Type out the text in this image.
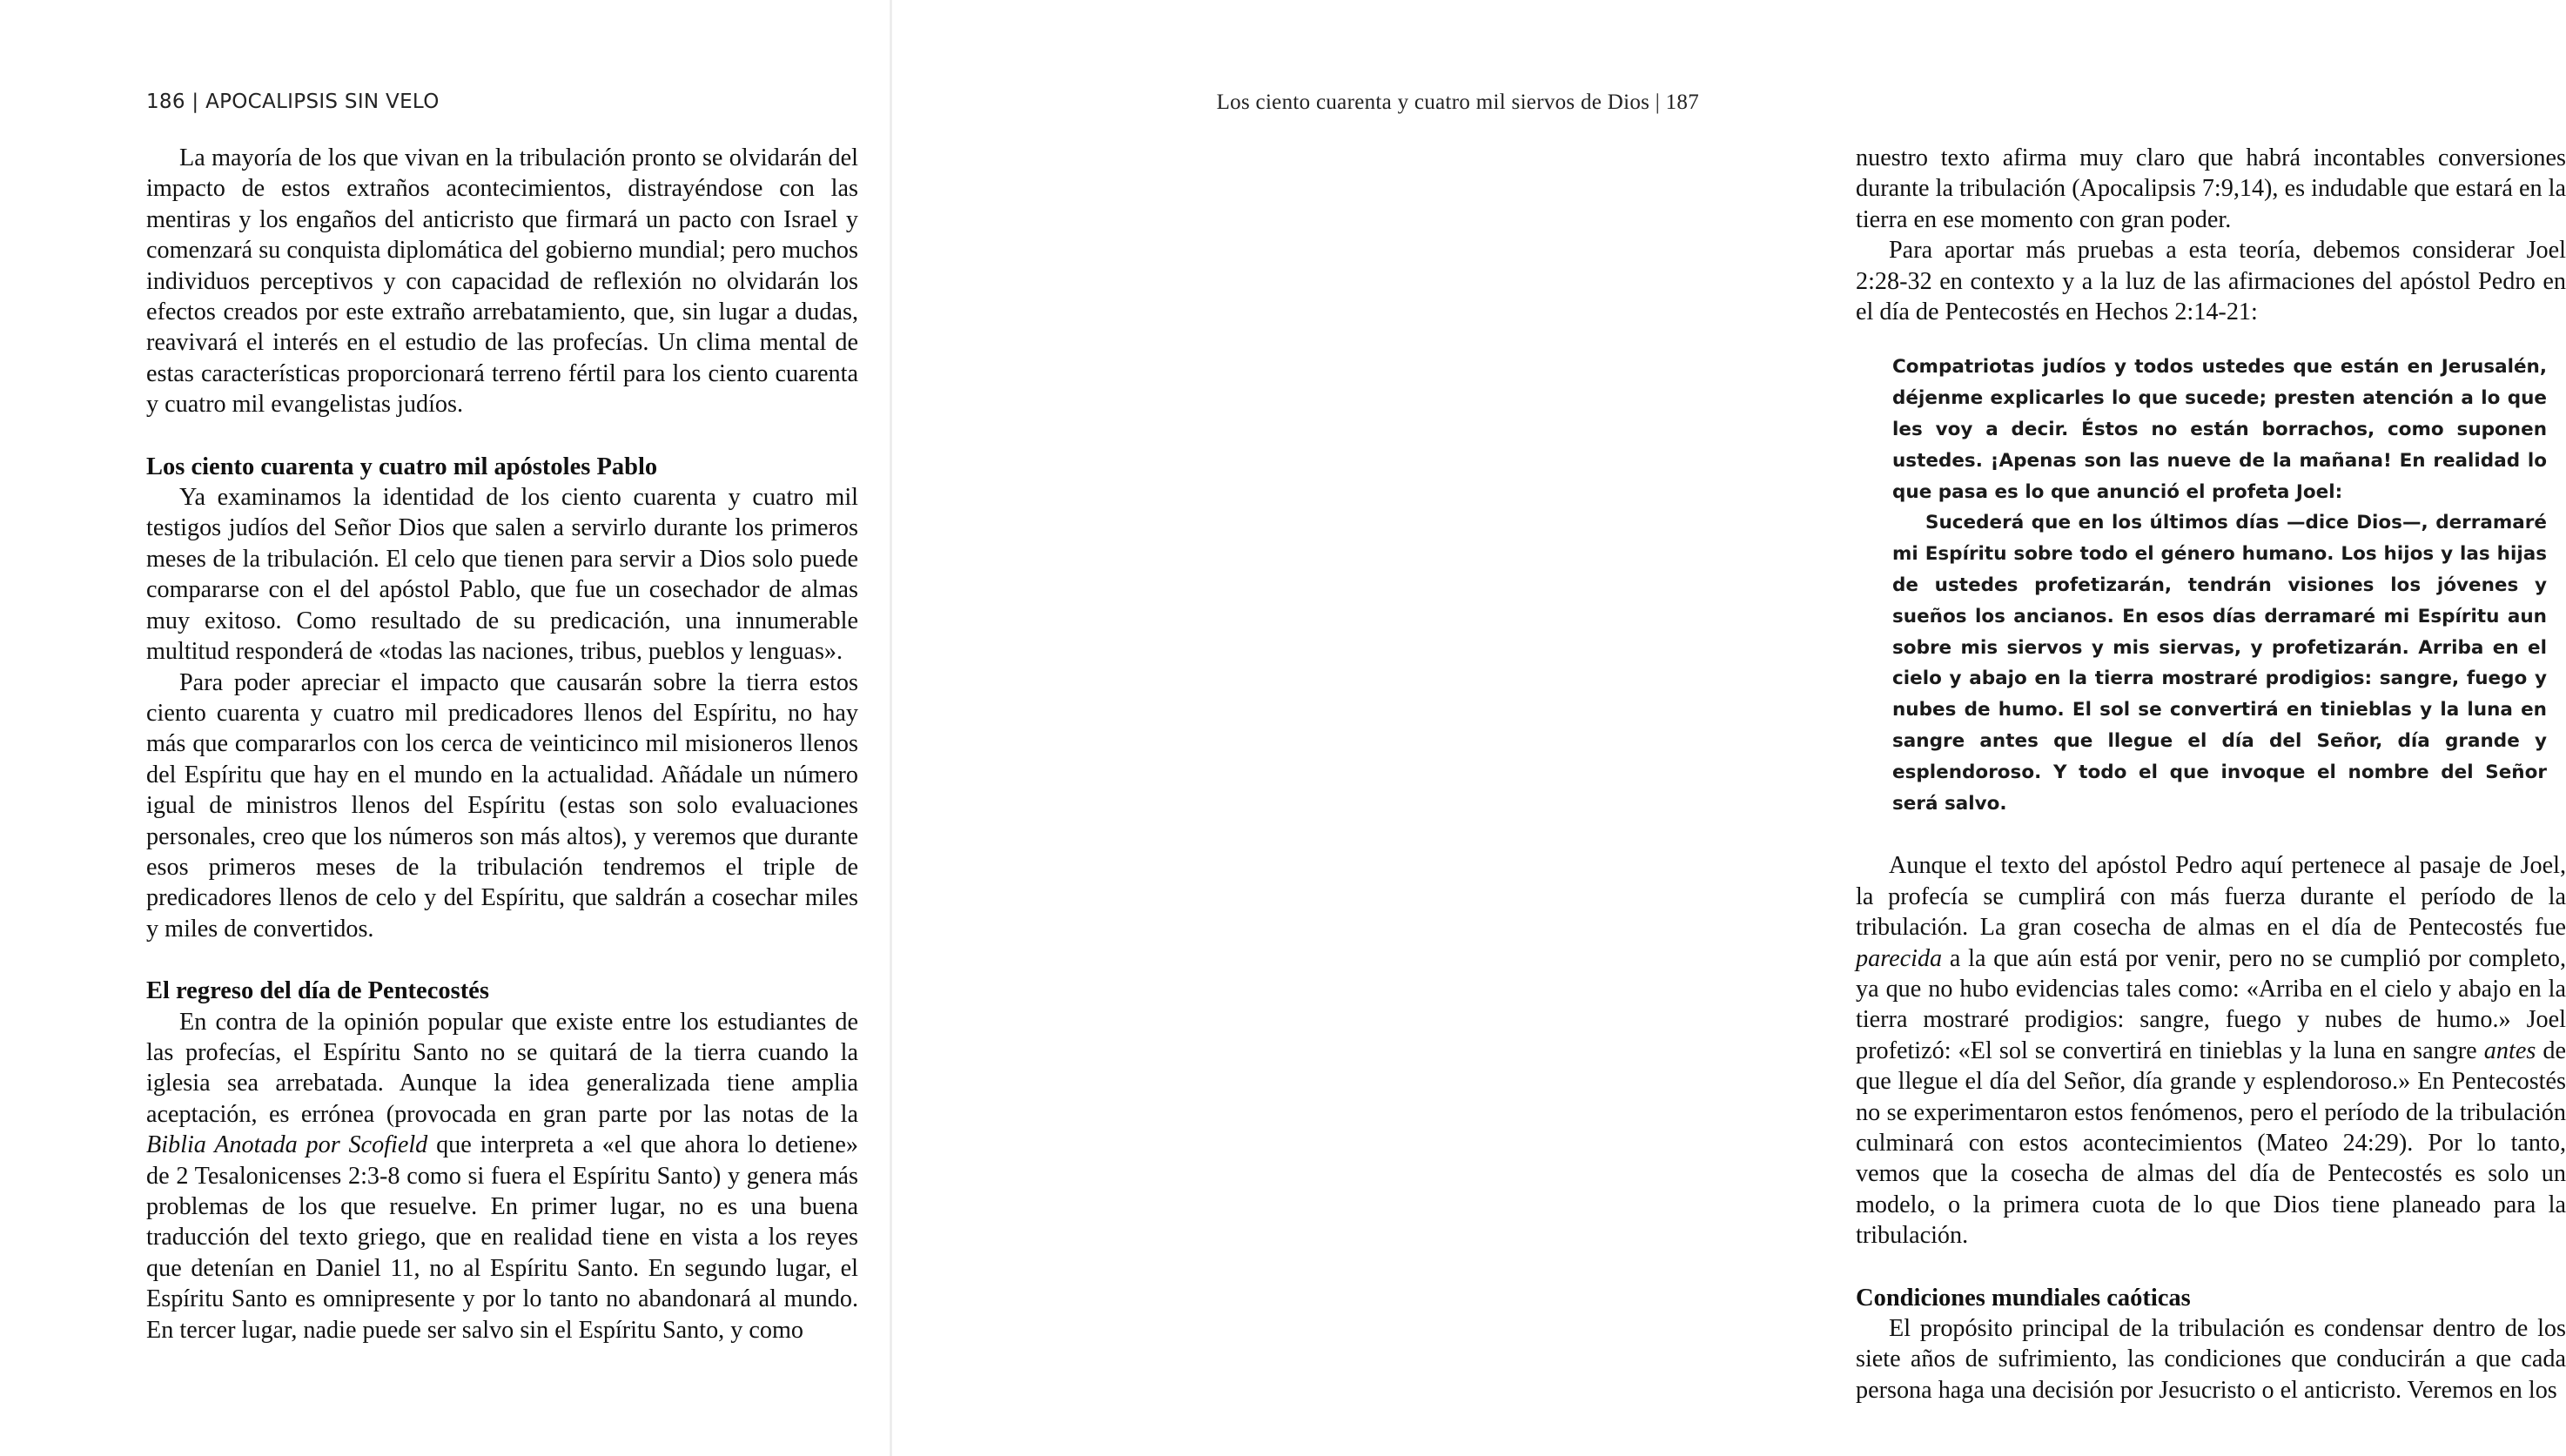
186 | APOCALIPSIS SIN VELO

La mayoría de los que vivan en la tribulación pronto se olvidarán del impacto de estos extraños acontecimientos, distrayéndose con las mentiras y los engaños del anticristo que firmará un pacto con Israel y comenzará su conquista diplomática del gobierno mundial; pero muchos individuos perceptivos y con capacidad de reflexión no olvidarán los efectos creados por este extraño arrebatamiento, que, sin lugar a dudas, reavivará el interés en el estudio de las profecías. Un clima mental de estas características proporcionará terreno fértil para los ciento cuarenta y cuatro mil evangelistas judíos.

Los ciento cuarenta y cuatro mil apóstoles Pablo

Ya examinamos la identidad de los ciento cuarenta y cuatro mil testigos judíos del Señor Dios que salen a servirlo durante los primeros meses de la tribulación. El celo que tienen para servir a Dios solo puede compararse con el del apóstol Pablo, que fue un cosechador de almas muy exitoso. Como resultado de su predicación, una innumerable multitud responderá de «todas las naciones, tribus, pueblos y lenguas».

Para poder apreciar el impacto que causarán sobre la tierra estos ciento cuarenta y cuatro mil predicadores llenos del Espíritu, no hay más que compararlos con los cerca de veinticinco mil misioneros llenos del Espíritu que hay en el mundo en la actualidad. Añádale un número igual de ministros llenos del Espíritu (estas son solo evaluaciones personales, creo que los números son más altos), y veremos que durante esos primeros meses de la tribulación tendremos el triple de predicadores llenos de celo y del Espíritu, que saldrán a cosechar miles y miles de convertidos.

El regreso del día de Pentecostés

En contra de la opinión popular que existe entre los estudiantes de las profecías, el Espíritu Santo no se quitará de la tierra cuando la iglesia sea arrebatada. Aunque la idea generalizada tiene amplia aceptación, es errónea (provocada en gran parte por las notas de la Biblia Anotada por Scofield que interpreta a «el que ahora lo detiene» de 2 Tesalonicenses 2:3-8 como si fuera el Espíritu Santo) y genera más problemas de los que resuelve. En primer lugar, no es una buena traducción del texto griego, que en realidad tiene en vista a los reyes que detenían en Daniel 11, no al Espíritu Santo. En segundo lugar, el Espíritu Santo es omnipresente y por lo tanto no abandonará al mundo. En tercer lugar, nadie puede ser salvo sin el Espíritu Santo, y como

Los ciento cuarenta y cuatro mil siervos de Dios | 187

nuestro texto afirma muy claro que habrá incontables conversiones durante la tribulación (Apocalipsis 7:9,14), es indudable que estará en la tierra en ese momento con gran poder.

Para aportar más pruebas a esta teoría, debemos considerar Joel 2:28-32 en contexto y a la luz de las afirmaciones del apóstol Pedro en el día de Pentecostés en Hechos 2:14-21:

Compatriotas judíos y todos ustedes que están en Jerusalén, déjenme explicarles lo que sucede; presten atención a lo que les voy a decir. Éstos no están borrachos, como suponen ustedes. ¡Apenas son las nueve de la mañana! En realidad lo que pasa es lo que anunció el profeta Joel:

Sucederá que en los últimos días —dice Dios—, derramaré mi Espíritu sobre todo el género humano. Los hijos y las hijas de ustedes profetizarán, tendrán visiones los jóvenes y sueños los ancianos. En esos días derramaré mi Espíritu aun sobre mis siervos y mis siervas, y profetizarán. Arriba en el cielo y abajo en la tierra mostraré prodigios: sangre, fuego y nubes de humo. El sol se convertirá en tinieblas y la luna en sangre antes que llegue el día del Señor, día grande y esplendoroso. Y todo el que invoque el nombre del Señor será salvo.

Aunque el texto del apóstol Pedro aquí pertenece al pasaje de Joel, la profecía se cumplirá con más fuerza durante el período de la tribulación. La gran cosecha de almas en el día de Pentecostés fue parecida a la que aún está por venir, pero no se cumplió por completo, ya que no hubo evidencias tales como: «Arriba en el cielo y abajo en la tierra mostraré prodigios: sangre, fuego y nubes de humo.» Joel profetizó: «El sol se convertirá en tinieblas y la luna en sangre antes de que llegue el día del Señor, día grande y esplendoroso.» En Pentecostés no se experimentaron estos fenómenos, pero el período de la tribulación culminará con estos acontecimientos (Mateo 24:29). Por lo tanto, vemos que la cosecha de almas del día de Pentecostés es solo un modelo, o la primera cuota de lo que Dios tiene planeado para la tribulación.

Condiciones mundiales caóticas

El propósito principal de la tribulación es condensar dentro de los siete años de sufrimiento, las condiciones que conducirán a que cada persona haga una decisión por Jesucristo o el anticristo. Veremos en los
